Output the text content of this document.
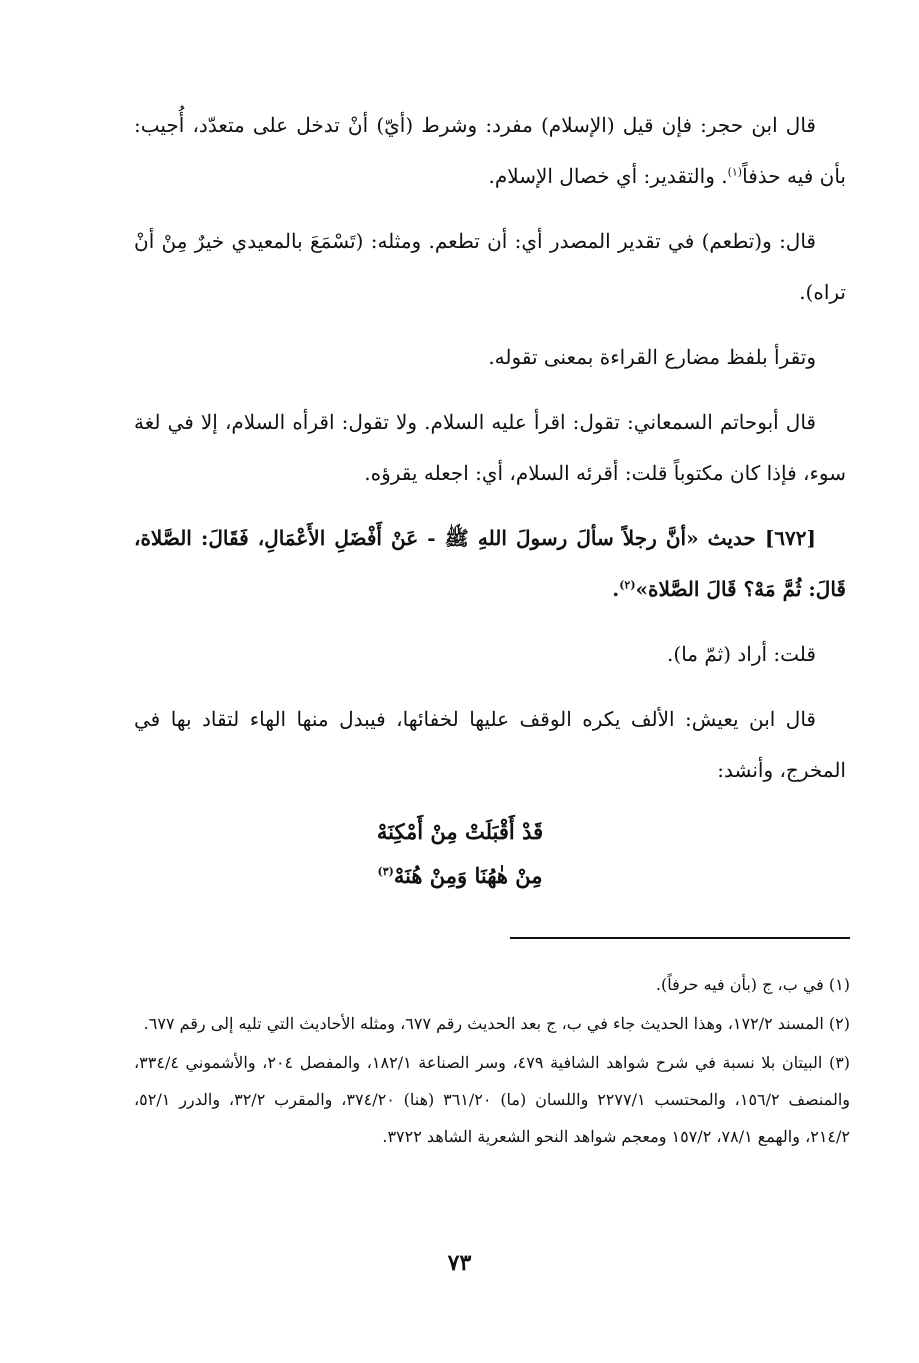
قال ابن حجر: فإن قيل (الإسلام) مفرد: وشرط (أيّ) أنْ تدخل على متعدّد، أُجيب: بأن فيه حذفاً$^{(١)}$. والتقدير: أي خصال الإسلام.

قال: و(تطعم) في تقدير المصدر أي: أن تطعم. ومثله: (تَسْمَعَ بالمعيدي خيرٌ مِنْ أنْ تراه).

وتقرأ بلفظ مضارع القراءة بمعنى تقوله.

قال أبوحاتم السمعاني: تقول: اقرأ عليه السلام. ولا تقول: اقرأه السلام، إلا في لغة سوء، فإذا كان مكتوباً قلت: أقرئه السلام، أي: اجعله يقرؤه.

[٦٧٢] حديث «أنَّ رجلاً سألَ رسولَ اللهِ ﷺ - عَنْ أَفْضَلِ الأَعْمَالِ، فَقَالَ: الصَّلاة، قَالَ: ثُمَّ مَهْ؟ قَالَ الصَّلاة»$^{(٢)}$.

قلت: أراد (ثمّ ما).

قال ابن يعيش: الألف يكره الوقف عليها لخفائها، فيبدل منها الهاء لتقاد بها في المخرج، وأنشد:

قَدْ أَقْبَلَتْ مِنْ أَمْكِنَهْ
مِنْ هٰهُنَا وَمِنْ هُنَهْ$^{(٣)}$

(١) في ب، ج (بأن فيه حرفاً).

(٢) المسند ١٧٢/٢، وهذا الحديث جاء في ب، ج بعد الحديث رقم ٦٧٧، ومثله الأحاديث التي تليه إلى رقم ٦٧٧.

(٣) البيتان بلا نسبة في شرح شواهد الشافية ٤٧٩، وسر الصناعة ١٨٢/١، والمفصل ٢٠٤، والأشموني ٣٣٤/٤، والمنصف ١٥٦/٢، والمحتسب ٢٢٧٧/١ واللسان (ما) ٣٦١/٢٠ (هنا) ٣٧٤/٢٠، والمقرب ٣٢/٢، والدرر ٥٢/١، ٢١٤/٢، والهمع ٧٨/١، ١٥٧/٢ ومعجم شواهد النحو الشعرية الشاهد ٣٧٢٢.

٧٣
